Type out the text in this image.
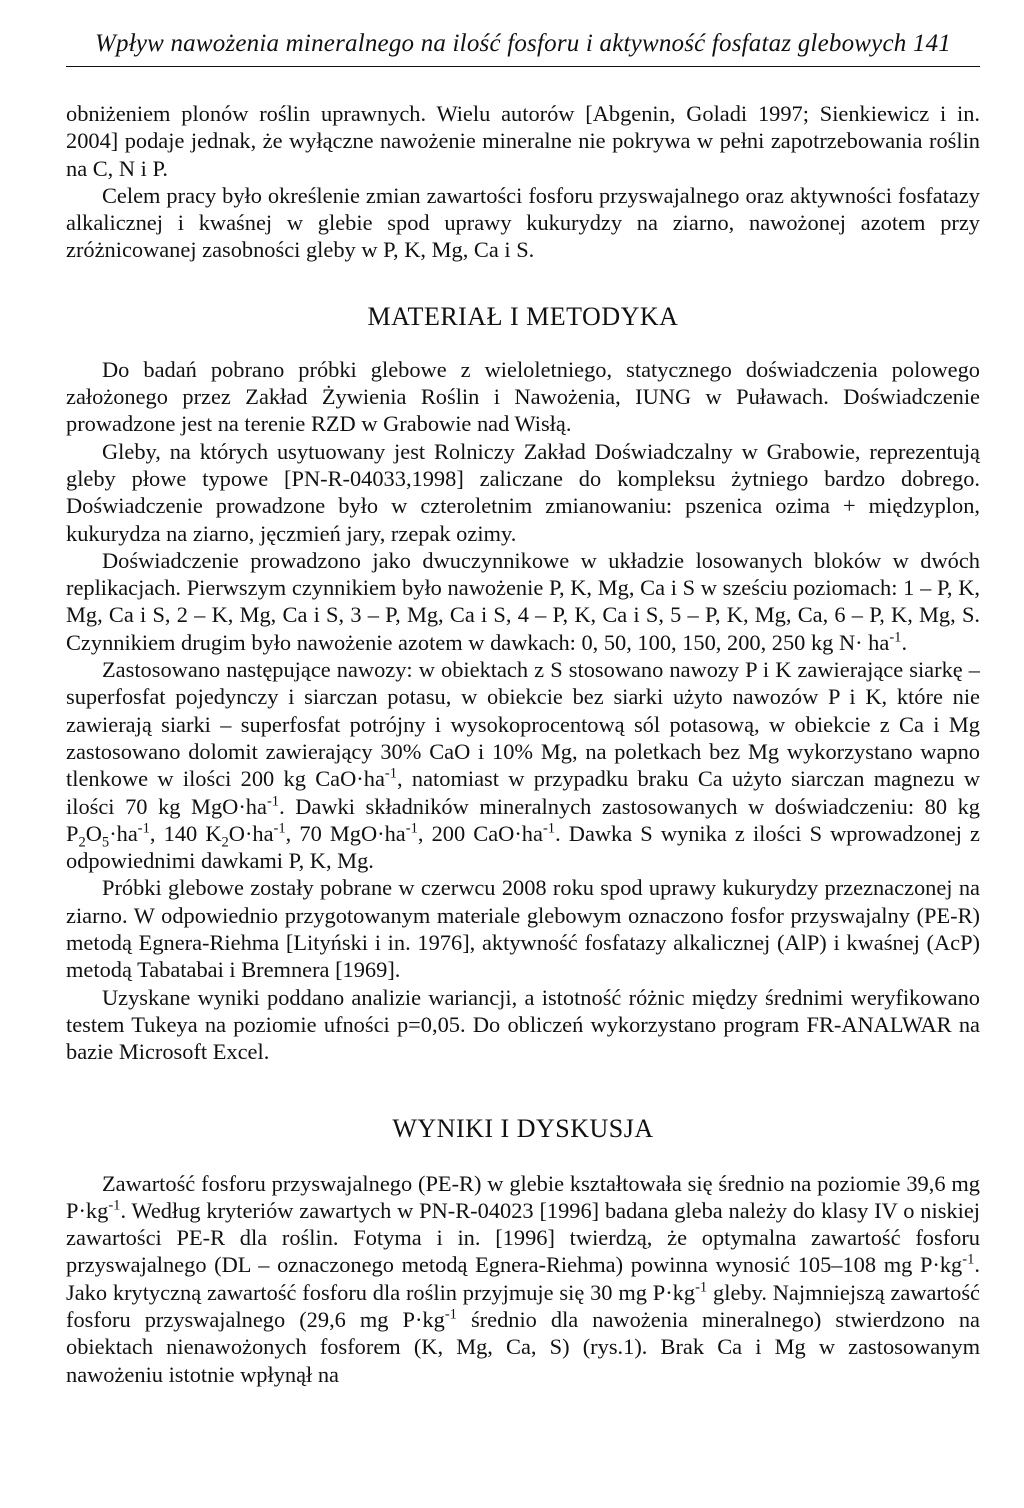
Wpływ nawożenia mineralnego na ilość fosforu i aktywność fosfataz glebowych 141

obniżeniem plonów roślin uprawnych. Wielu autorów [Abgenin, Goladi 1997; Sienkiewicz i in. 2004] podaje jednak, że wyłączne nawożenie mineralne nie pokrywa w pełni zapotrzebowania roślin na C, N i P.

Celem pracy było określenie zmian zawartości fosforu przyswajalnego oraz aktywności fosfatazy alkalicznej i kwaśnej w glebie spod uprawy kukurydzy na ziarno, nawożonej azotem przy zróżnicowanej zasobności gleby w P, K, Mg, Ca i S.

MATERIAŁ I METODYKA

Do badań pobrano próbki glebowe z wieloletniego, statycznego doświadczenia polowego założonego przez Zakład Żywienia Roślin i Nawożenia, IUNG w Puławach. Doświadczenie prowadzone jest na terenie RZD w Grabowie nad Wisłą.

Gleby, na których usytuowany jest Rolniczy Zakład Doświadczalny w Grabowie, reprezentują gleby płowe typowe [PN-R-04033,1998] zaliczane do kompleksu żytniego bardzo dobrego. Doświadczenie prowadzone było w czteroletnim zmianowaniu: pszenica ozima + międzyplon, kukurydza na ziarno, jęczmień jary, rzepak ozimy.

Doświadczenie prowadzono jako dwuczynnikowe w układzie losowanych bloków w dwóch replikacjach. Pierwszym czynnikiem było nawożenie P, K, Mg, Ca i S w sześciu poziomach: 1 – P, K, Mg, Ca i S, 2 – K, Mg, Ca i S, 3 – P, Mg, Ca i S, 4 – P, K, Ca i S, 5 – P, K, Mg, Ca, 6 – P, K, Mg, S. Czynnikiem drugim było nawożenie azotem w dawkach: 0, 50, 100, 150, 200, 250 kg $N\cdot ha^{-1}$.

Zastosowano następujące nawozy: w obiektach z S stosowano nawozy P i K zawierające siarkę – superfosfat pojedynczy i siarczan potasu, w obiekcie bez siarki użyto nawozów P i K, które nie zawierają siarki – superfosfat potrójny i wysokoprocentową sól potasową, w obiekcie z Ca i Mg zastosowano dolomit zawierający 30% CaO i 10% Mg, na poletkach bez Mg wykorzystano wapno tlenkowe w ilości 200 kg $CaO\cdot ha^{-1}$, natomiast w przypadku braku Ca użyto siarczan magnezu w ilości 70 kg $MgO\cdot ha^{-1}$. Dawki składników mineralnych zastosowanych w doświadczeniu: 80 kg $P_2O_5\cdot ha^{-1}$, 140 $K_2O\cdot ha^{-1}$, 70 $MgO\cdot ha^{-1}$, 200 $CaO\cdot ha^{-1}$. Dawka S wynika z ilości S wprowadzonej z odpowiednimi dawkami P, K, Mg.

Próbki glebowe zostały pobrane w czerwcu 2008 roku spod uprawy kukurydzy przeznaczonej na ziarno. W odpowiednio przygotowanym materiale glebowym oznaczono fosfor przyswajalny (PE-R) metodą Egnera-Riehma [Lityński i in. 1976], aktywność fosfatazy alkalicznej (AlP) i kwaśnej (AcP) metodą Tabatabai i Bremnera [1969].

Uzyskane wyniki poddano analizie wariancji, a istotność różnic między średnimi weryfikowano testem Tukeya na poziomie ufności p=0,05. Do obliczeń wykorzystano program FR-ANALWAR na bazie Microsoft Excel.

WYNIKI I DYSKUSJA

Zawartość fosforu przyswajalnego (PE-R) w glebie kształtowała się średnio na poziomie 39,6 mg $P\cdot kg^{-1}$. Według kryteriów zawartych w PN-R-04023 [1996] badana gleba należy do klasy IV o niskiej zawartości PE-R dla roślin. Fotyma i in. [1996] twierdzą, że optymalna zawartość fosforu przyswajalnego (DL – oznaczonego metodą Egnera-Riehma) powinna wynosić 105–108 mg $P\cdot kg^{-1}$. Jako krytyczną zawartość fosforu dla roślin przyjmuje się 30 mg $P\cdot kg^{-1}$ gleby. Najmniejszą zawartość fosforu przyswajalnego (29,6 mg $P\cdot kg^{-1}$ średnio dla nawożenia mineralnego) stwierdzono na obiektach nienawożonych fosforem (K, Mg, Ca, S) (rys.1). Brak Ca i Mg w zastosowanym nawożeniu istotnie wpłynął na
